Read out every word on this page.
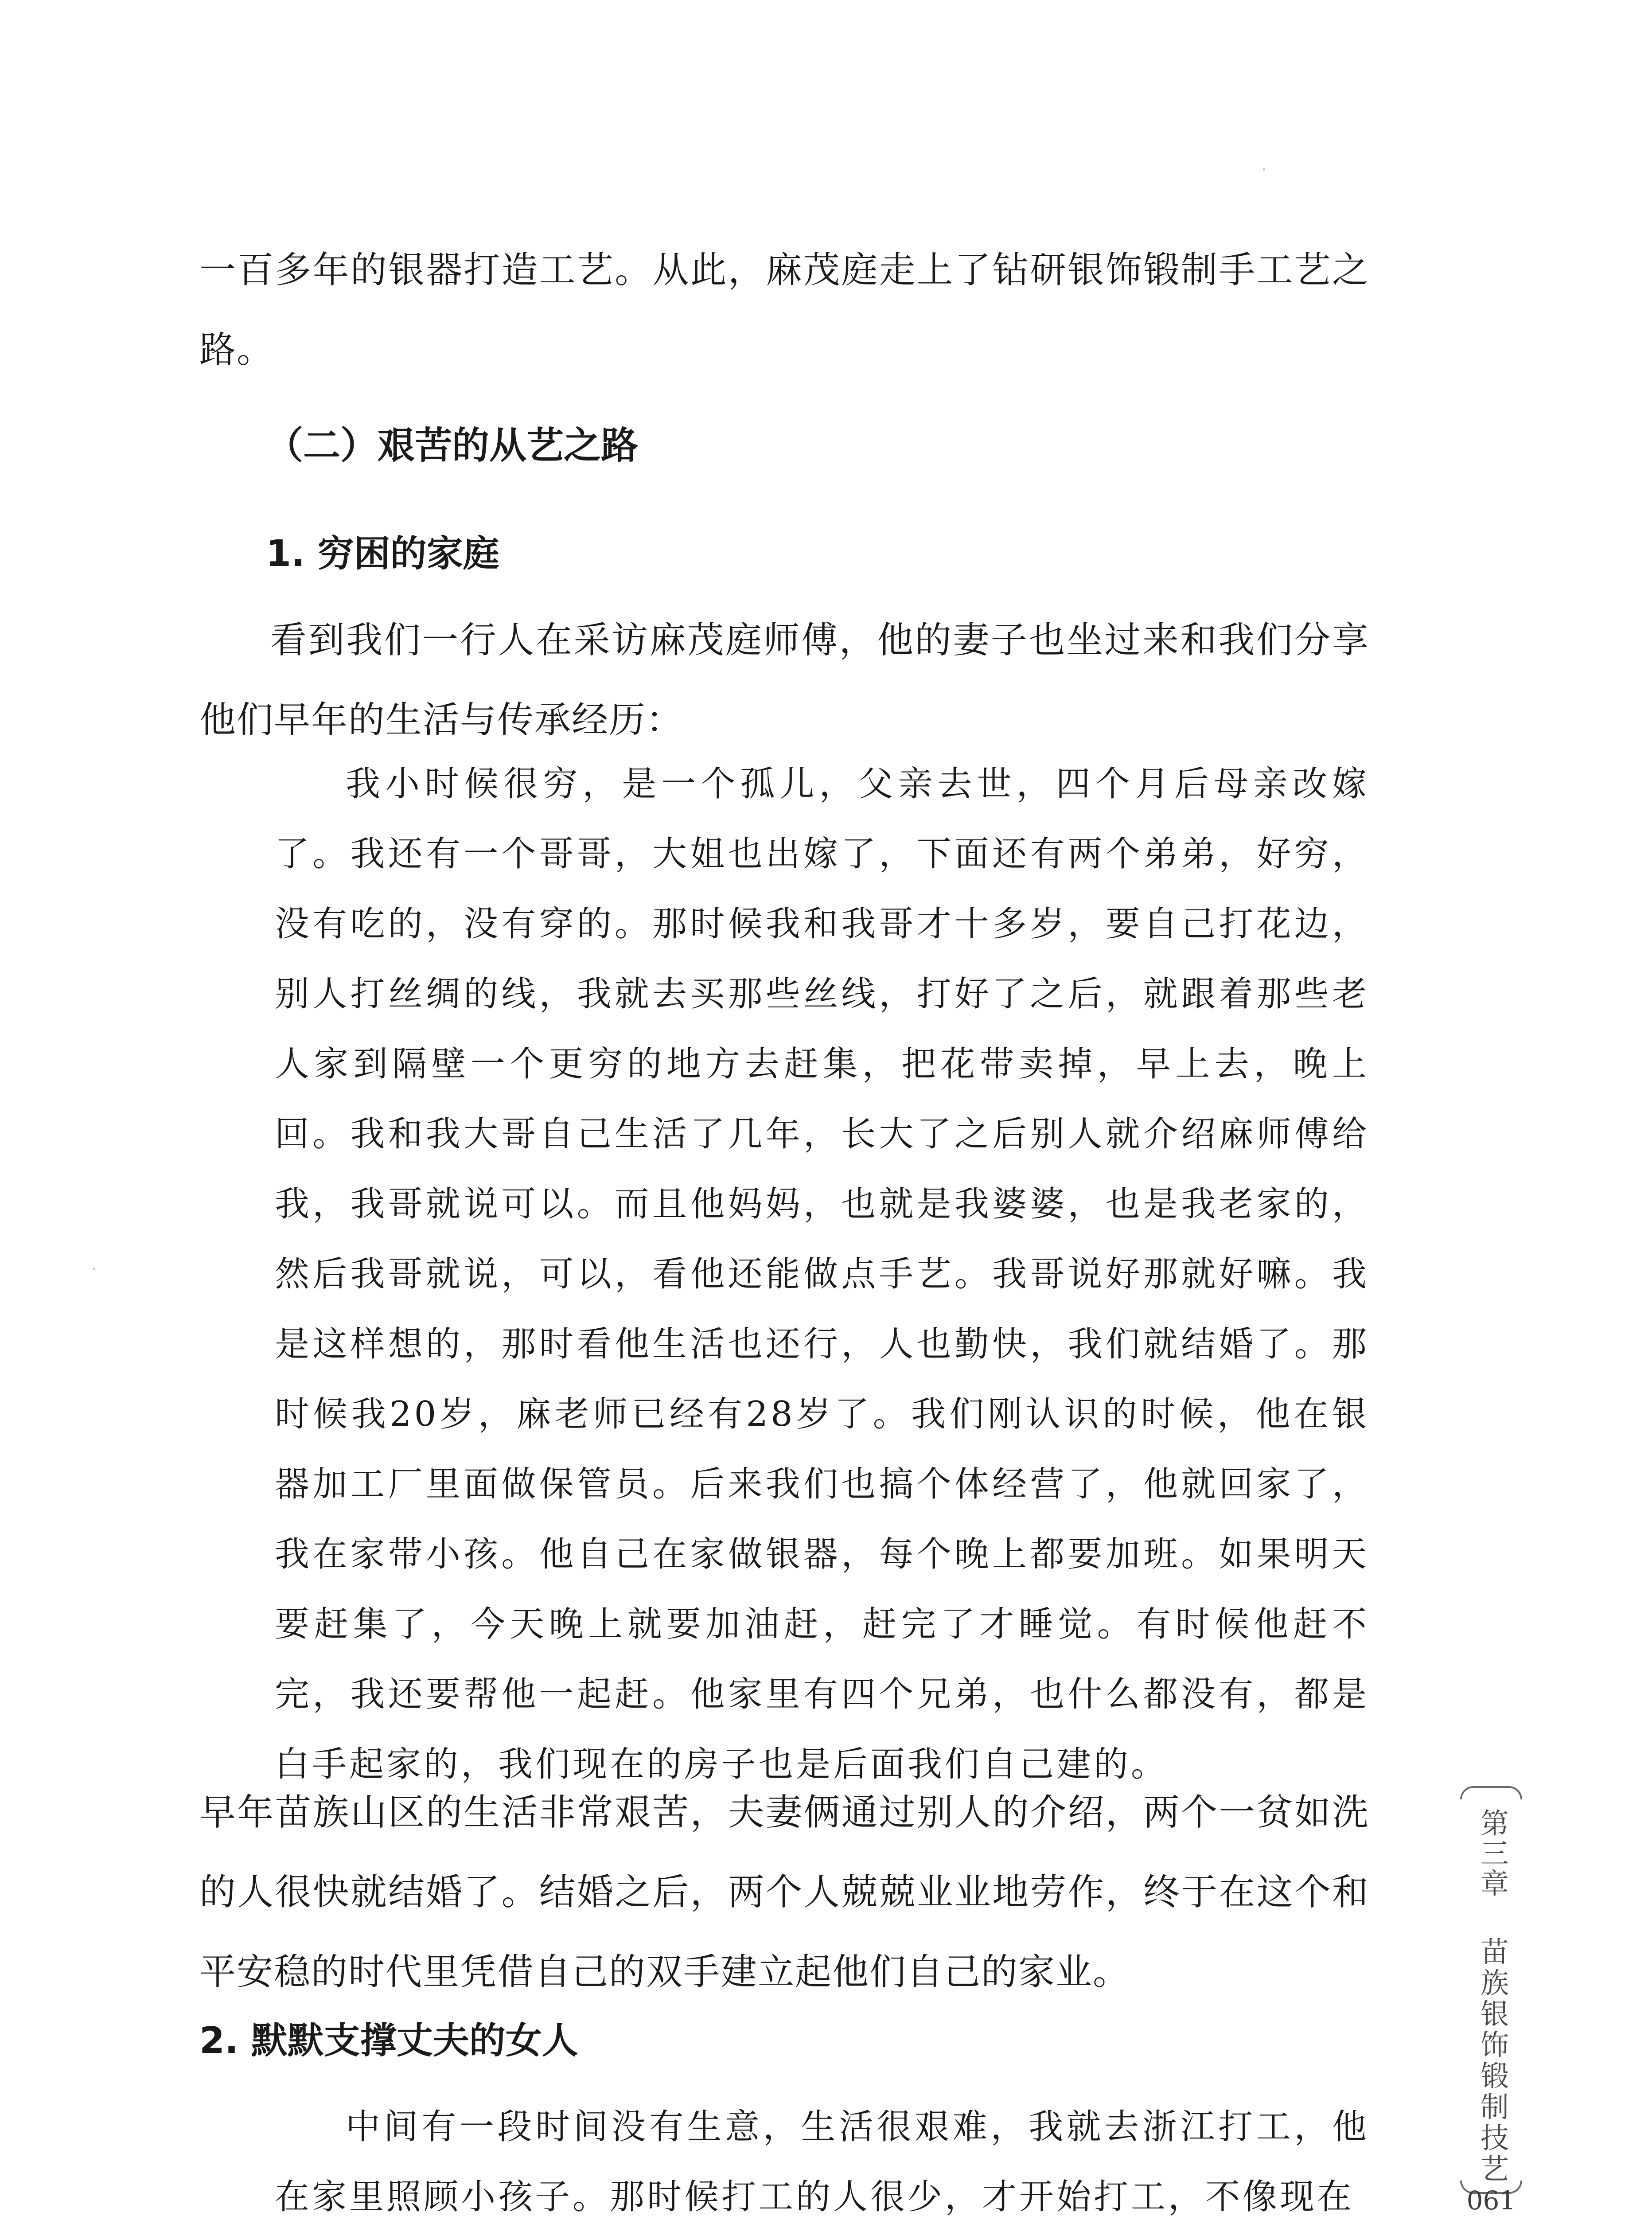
一百多年的银器打造工艺。从此，麻茂庭走上了钻研银饰锻制手工艺之路。

（二）艰苦的从艺之路
1. 穷困的家庭

看到我们一行人在采访麻茂庭师傅，他的妻子也坐过来和我们分享他们早年的生活与传承经历：

我小时候很穷，是一个孤儿，父亲去世，四个月后母亲改嫁了。我还有一个哥哥，大姐也出嫁了，下面还有两个弟弟，好穷，没有吃的，没有穿的。那时候我和我哥才十多岁，要自己打花边，别人打丝绸的线，我就去买那些丝线，打好了之后，就跟着那些老人家到隔壁一个更穷的地方去赶集，把花带卖掉，早上去，晚上回。我和我大哥自己生活了几年，长大了之后别人就介绍麻师傅给我，我哥就说可以。而且他妈妈，也就是我婆婆，也是我老家的，然后我哥就说，可以，看他还能做点手艺。我哥说好那就好嘛。我是这样想的，那时看他生活也还行，人也勤快，我们就结婚了。那时候我20岁，麻老师已经有28岁了。我们刚认识的时候，他在银器加工厂里面做保管员。后来我们也搞个体经营了，他就回家了，我在家带小孩。他自己在家做银器，每个晚上都要加班。如果明天要赶集了，今天晚上就要加油赶，赶完了才睡觉。有时候他赶不完，我还要帮他一起赶。他家里有四个兄弟，也什么都没有，都是白手起家的，我们现在的房子也是后面我们自己建的。

早年苗族山区的生活非常艰苦，夫妻俩通过别人的介绍，两个一贫如洗的人很快就结婚了。结婚之后，两个人兢兢业业地劳作，终于在这个和平安稳的时代里凭借自己的双手建立起他们自己的家业。

2. 默默支撑丈夫的女人

中间有一段时间没有生意，生活很艰难，我就去浙江打工，他在家里照顾小孩子。那时候打工的人很少，才开始打工，不像现在

第三章
苗族银饰锻制技艺
061
